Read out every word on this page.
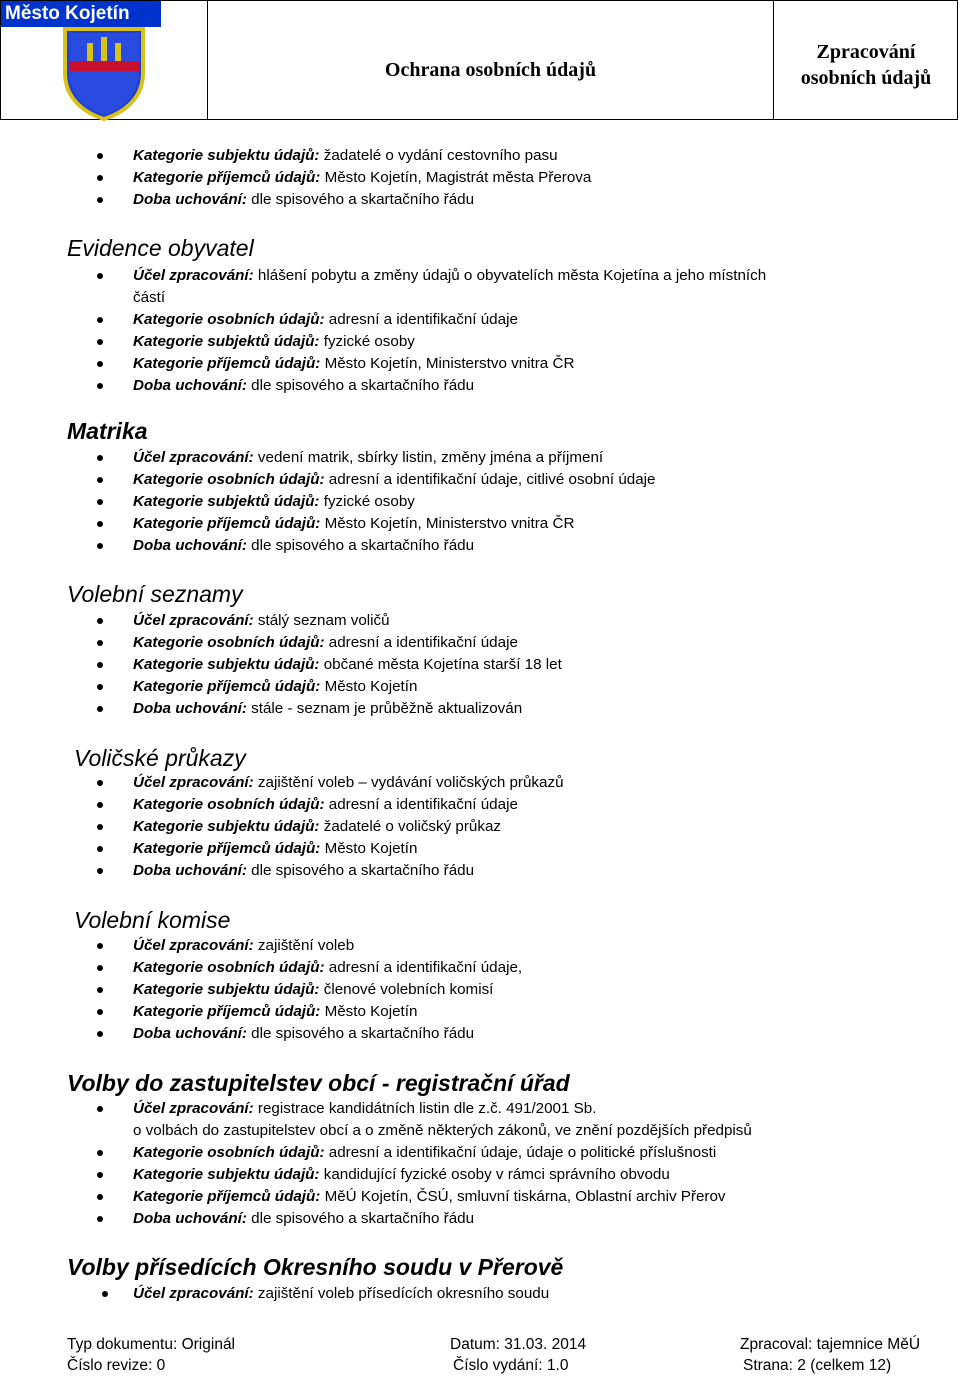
Město Kojetín
Ochrana osobních údajů
Zpracování
osobních údajů
Kategorie subjektu údajů: žadatelé o vydání cestovního pasu
Kategorie příjemců údajů: Město Kojetín, Magistrát města Přerova
Doba uchování: dle spisového a skartačního řádu
Evidence obyvatel
Účel zpracování: hlášení pobytu a změny údajů o obyvatelích města Kojetína a jeho místních
částí
Kategorie osobních údajů: adresní a identifikační údaje
Kategorie subjektů údajů: fyzické osoby
Kategorie příjemců údajů: Město Kojetín, Ministerstvo vnitra ČR
Doba uchování: dle spisového a skartačního řádu
Matrika
Účel zpracování: vedení matrik, sbírky listin, změny jména a příjmení
Kategorie osobních údajů: adresní a identifikační údaje, citlivé osobní údaje
Kategorie subjektů údajů: fyzické osoby
Kategorie příjemců údajů: Město Kojetín, Ministerstvo vnitra ČR
Doba uchování: dle spisového a skartačního řádu
Volební seznamy
Účel zpracování: stálý seznam voličů
Kategorie osobních údajů: adresní a identifikační údaje
Kategorie subjektu údajů: občané města Kojetína starší 18 let
Kategorie příjemců údajů: Město Kojetín
Doba uchování: stále - seznam je průběžně aktualizován
Voličské průkazy
Účel zpracování: zajištění voleb – vydávání voličských průkazů
Kategorie osobních údajů: adresní a identifikační údaje
Kategorie subjektu údajů: žadatelé o voličský průkaz
Kategorie příjemců údajů: Město Kojetín
Doba uchování: dle spisového a skartačního řádu
Volební komise
Účel zpracování: zajištění voleb
Kategorie osobních údajů: adresní a identifikační údaje,
Kategorie subjektu údajů: členové volebních komisí
Kategorie příjemců údajů: Město Kojetín
Doba uchování: dle spisového a skartačního řádu
Volby do zastupitelstev obcí - registrační úřad
Účel zpracování: registrace kandidátních listin dle z.č. 491/2001 Sb.
o volbách do zastupitelstev obcí a o změně některých zákonů, ve znění pozdějších předpisů
Kategorie osobních údajů: adresní a identifikační údaje, údaje o politické příslušnosti
Kategorie subjektu údajů: kandidující fyzické osoby v rámci správního obvodu
Kategorie příjemců údajů: MěÚ Kojetín, ČSÚ, smluvní tiskárna, Oblastní archiv Přerov
Doba uchování: dle spisového a skartačního řádu
Volby přísedících Okresního soudu v Přerově
Účel zpracování: zajištění voleb přísedících okresního soudu
Typ dokumentu: Originál	Datum: 31.03. 2014	Zpracoval: tajemnice MěÚ
Číslo revize: 0	Číslo vydání: 1.0	Strana: 2 (celkem 12)
